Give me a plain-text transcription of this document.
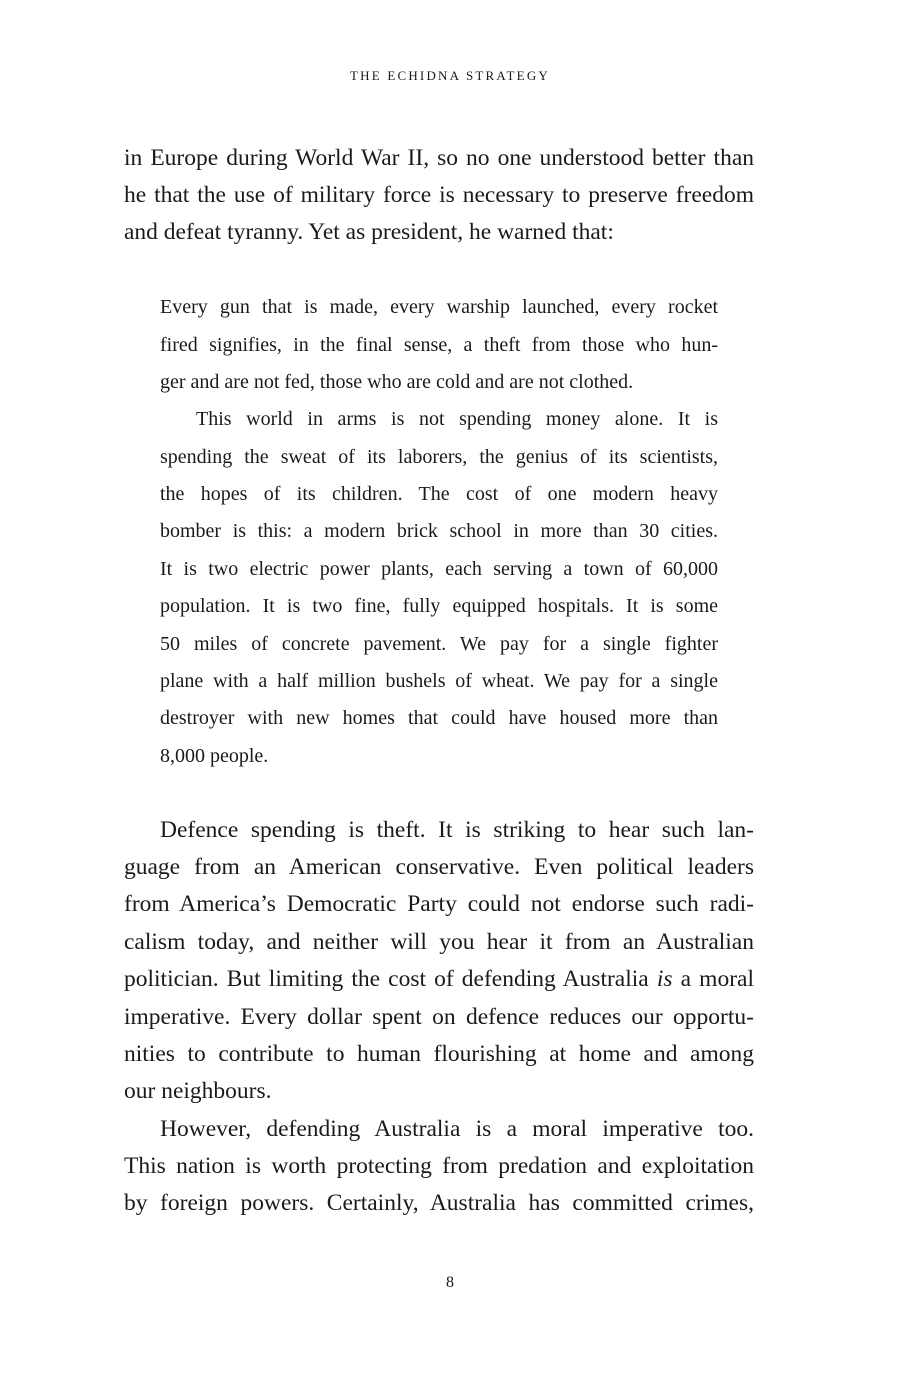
THE ECHIDNA STRATEGY
in Europe during World War II, so no one understood better than
he that the use of military force is necessary to preserve freedom
and defeat tyranny. Yet as president, he warned that:
Every gun that is made, every warship launched, every rocket
fired signifies, in the final sense, a theft from those who hun-
ger and are not fed, those who are cold and are not clothed.
This world in arms is not spending money alone. It is
spending the sweat of its laborers, the genius of its scientists,
the hopes of its children. The cost of one modern heavy
bomber is this: a modern brick school in more than 30 cities.
It is two electric power plants, each serving a town of 60,000
population. It is two fine, fully equipped hospitals. It is some
50 miles of concrete pavement. We pay for a single fighter
plane with a half million bushels of wheat. We pay for a single
destroyer with new homes that could have housed more than
8,000 people.
Defence spending is theft. It is striking to hear such lan-
guage from an American conservative. Even political leaders
from America’s Democratic Party could not endorse such radi-
calism today, and neither will you hear it from an Australian
politician. But limiting the cost of defending Australia is a moral
imperative. Every dollar spent on defence reduces our opportu-
nities to contribute to human flourishing at home and among
our neighbours.
However, defending Australia is a moral imperative too.
This nation is worth protecting from predation and exploitation
by foreign powers. Certainly, Australia has committed crimes,
8
